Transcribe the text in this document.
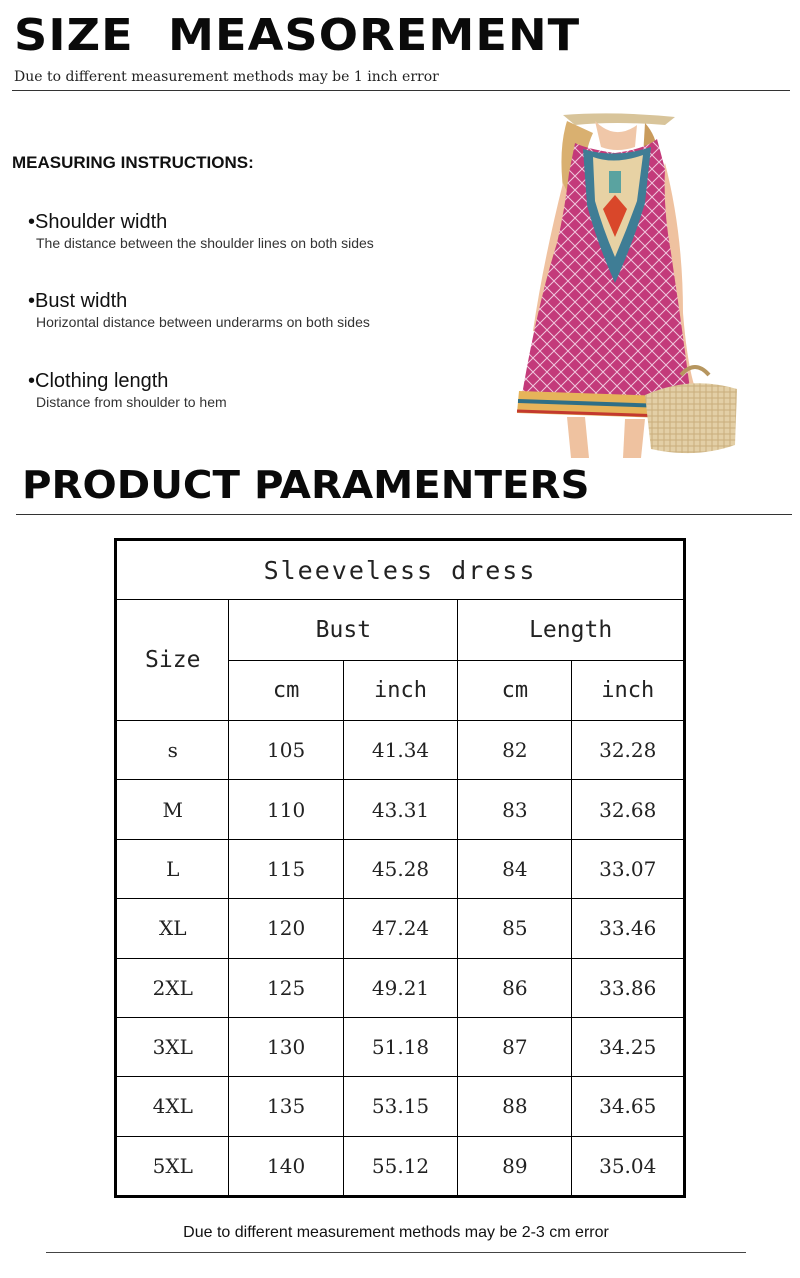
SIZE  MEASOREMENT
Due to different measurement methods may be 1 inch error
MEASURING INSTRUCTIONS:
•Shoulder width
The distance between the shoulder lines on both sides
•Bust width
Horizontal distance between underarms on both sides
•Clothing length
Distance from shoulder to hem
PRODUCT PARAMENTERS
Sleeveless dress				
Size	Bust		Length	
	cm	inch	cm	inch
s	105	41.34	82	32.28
M	110	43.31	83	32.68
L	115	45.28	84	33.07
XL	120	47.24	85	33.46
2XL	125	49.21	86	33.86
3XL	130	51.18	87	34.25
4XL	135	53.15	88	34.65
5XL	140	55.12	89	35.04
Due to different measurement methods may be 2-3 cm error
